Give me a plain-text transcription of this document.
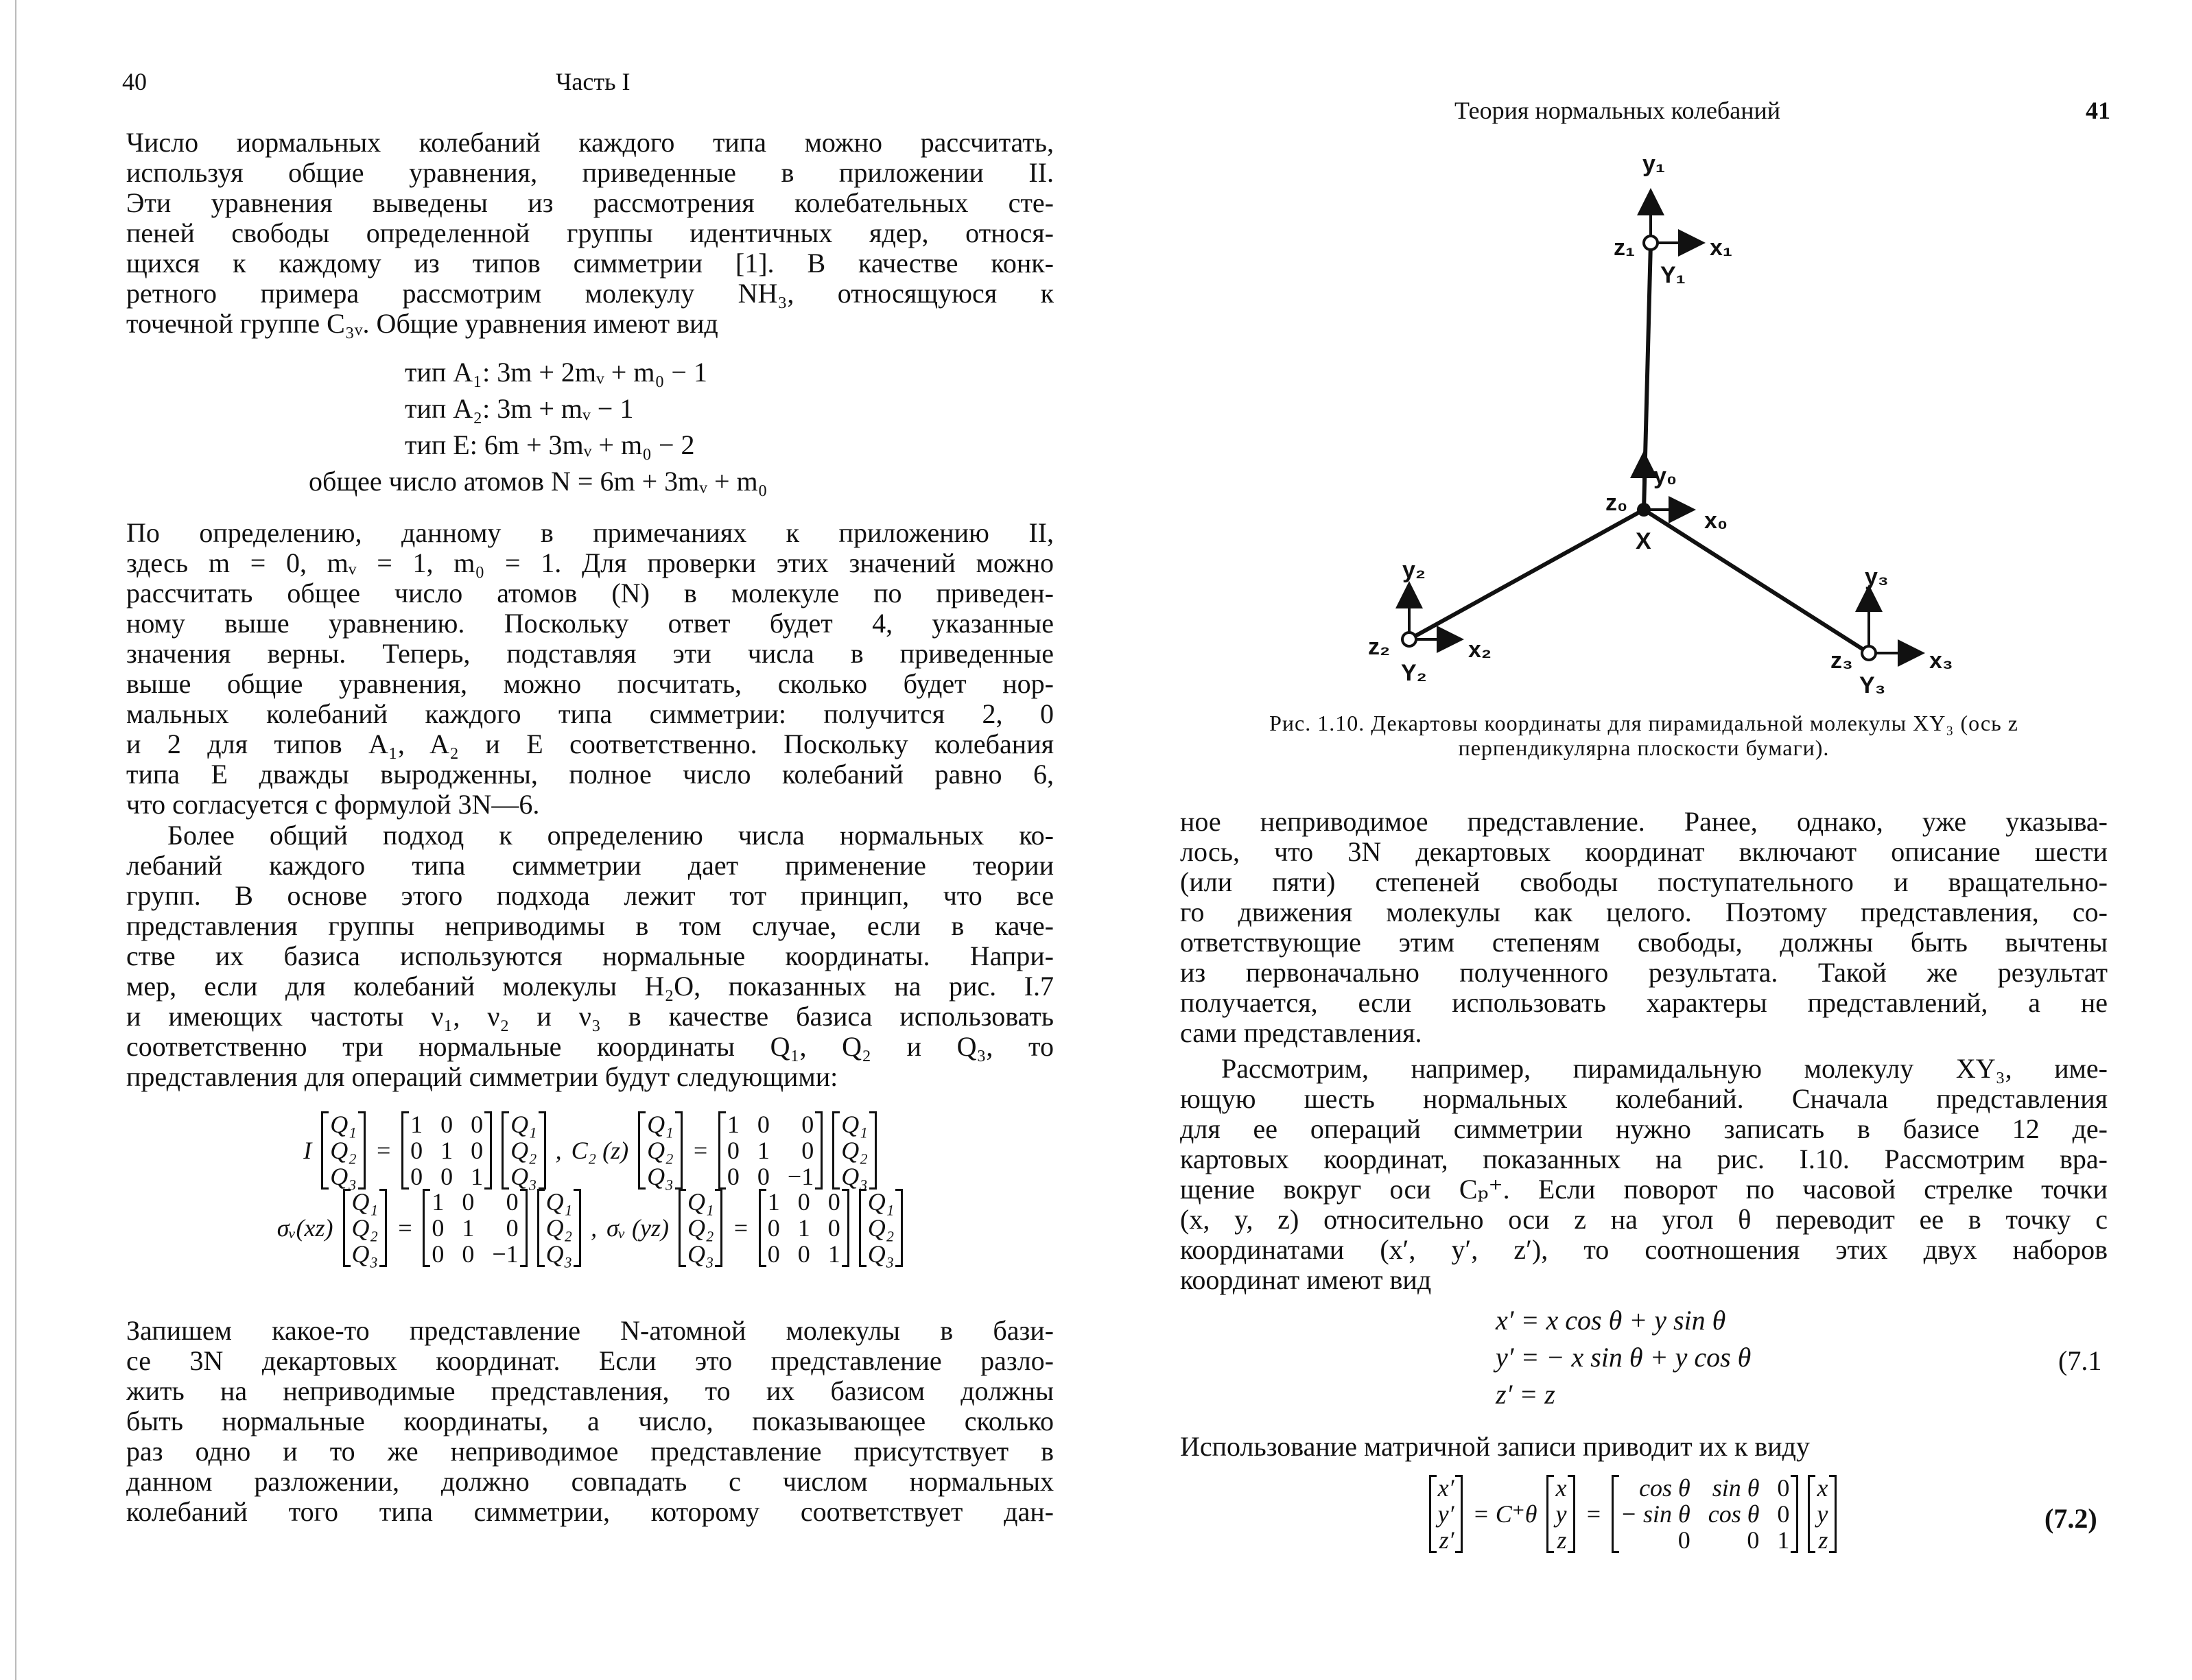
40	Часть I
Число иормальных колебаний каждого типа можно рассчитать,
используя общие уравнения, приведенные в приложении II.
Эти уравнения выведены из рассмотрения колебательных сте-
пеней свободы определенной группы идентичных ядер, относя-
щихся к каждому из типов симметрии [1]. В качестве конк-
ретного примера рассмотрим молекулу NH₃, относящуюся к
точечной группе C₃ᵥ. Общие уравнения имеют вид
тип A₁: 3m + 2mᵥ + m₀ − 1
тип A₂: 3m + mᵥ − 1
тип E: 6m + 3mᵥ + m₀ − 2
общее число атомов N = 6m + 3mᵥ + m₀
По определению, данному в примечаниях к приложению II,
здесь m = 0, mᵥ = 1, m₀ = 1. Для проверки этих значений можно
рассчитать общее число атомов (N) в молекуле по приведен-
ному выше уравнению. Поскольку ответ будет 4, указанные
значения верны. Теперь, подставляя эти числа в приведенные
выше общие уравнения, можно посчитать, сколько будет нор-
мальных колебаний каждого типа симметрии: получится 2, 0
и 2 для типов A₁, A₂ и E соответственно. Поскольку колебания
типа E дважды выродженны, полное число колебаний равно 6,
что согласуется с формулой 3N—6.
Более общий подход к определению числа нормальных ко-
лебаний каждого типа симметрии дает применение теории
групп. В основе этого подхода лежит тот принцип, что все
представления группы неприводимы в том случае, если в каче-
стве их базиса используются нормальные координаты. Напри-
мер, если для колебаний молекулы H₂O, показанных на рис. I.7
и имеющих частоты ν₁, ν₂ и ν₃ в качестве базиса использовать
соответственно три нормальные координаты Q₁, Q₂ и Q₃, то
представления для операций симметрии будут следующими:
I
Q₁
Q₂
Q₃
=
1 0 0
0 1 0
0 0 1
Q₁
Q₂
Q₃
, C₂ (z)
Q₁
Q₂
Q₃
=
1 0	0
0 1	0
0 0 −1
Q₁
Q₂
Q₃
σᵥ(xz)
Q₁
Q₂
Q₃
=
1 0	0
0 1	0
0 0 −1
Q₁
Q₂
Q₃
, σᵥ (yz)
Q₁
Q₂
Q₃
=
1 0 0
0 1 0
0 0 1
Q₁
Q₂
Q₃
Запишем какое-то представление N-атомной молекулы в бази-
се 3N декартовых координат. Если это представление разло-
жить на неприводимые представления, то их базисом должны
быть нормальные координаты, а число, показывающее сколько
раз одно и то же неприводимое представление присутствует в
данном разложении, должно совпадать с числом нормальных
колебаний того типа симметрии, которому соответствует дан-
Теория нормальных колебаний	41
y₁
z₁	x₁
Y₁
y₀
z₀
x₀
X
y₂
z₂	x₂
Y₂
y₃
z₃	x₃
Y₃
Рис. 1.10. Декартовы координаты для пирамидальной молекулы XY₃ (ось z
перпендикулярна плоскости бумаги).
ное неприводимое представление. Ранее, однако, уже указыва-
лось, что 3N декартовых координат включают описание шести
(или пяти) степеней свободы поступательного и вращательно-
го движения молекулы как целого. Поэтому представления, со-
ответствующие этим степеням свободы, должны быть вычтены
из первоначально полученного результата. Такой же результат
получается, если использовать характеры представлений, а не
сами представления.
Рассмотрим, например, пирамидальную молекулу XY₃, име-
ющую шесть нормальных колебаний. Сначала представления
для ее операций симметрии нужно записать в базисе 12 де-
картовых координат, показанных на рис. I.10. Рассмотрим вра-
щение вокруг оси Cₚ⁺. Если поворот по часовой стрелке точки
(x, y, z) относительно оси z на угол θ переводит ее в точку с
координатами (x′, y′, z′), то соотношения этих двух наборов
координат имеют вид
x′ = x cos θ + y sin θ
y′ = − x sin θ + y cos θ
z′ = z
(7.1
Использование матричной записи приводит их к виду
x′
y′
z′
= C⁺θ
x
y
z
=
cos θ sin θ 0
− sin θ cos θ 0
0	0 1
x
y
z
(7.2)
